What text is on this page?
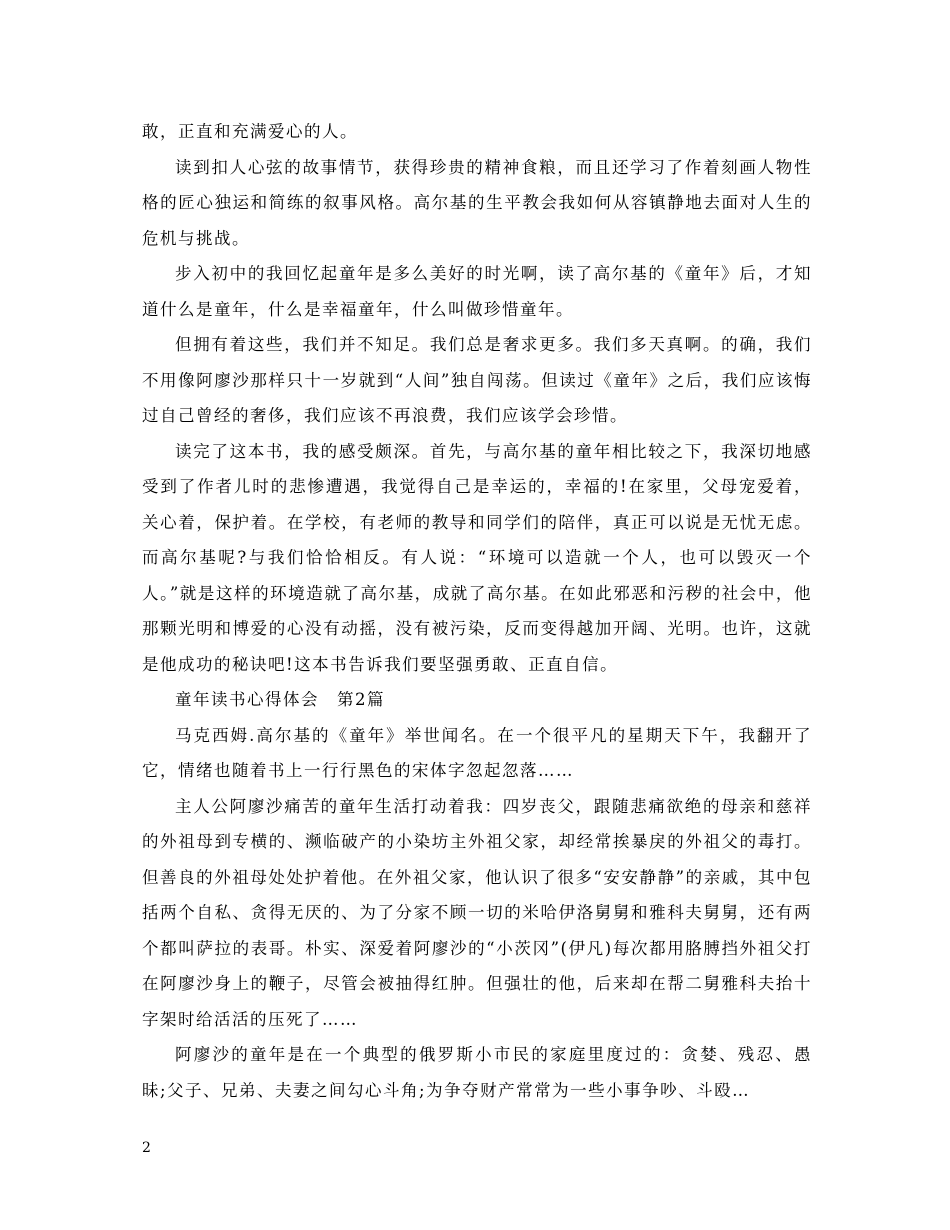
敢，正直和充满爱心的人。

读到扣人心弦的故事情节，获得珍贵的精神食粮，而且还学习了作着刻画人物性格的匠心独运和简练的叙事风格。高尔基的生平教会我如何从容镇静地去面对人生的危机与挑战。

步入初中的我回忆起童年是多么美好的时光啊，读了高尔基的《童年》后，才知道什么是童年，什么是幸福童年，什么叫做珍惜童年。

但拥有着这些，我们并不知足。我们总是奢求更多。我们多天真啊。的确，我们不用像阿廖沙那样只十一岁就到“人间”独自闯荡。但读过《童年》之后，我们应该悔过自己曾经的奢侈，我们应该不再浪费，我们应该学会珍惜。

读完了这本书，我的感受颇深。首先，与高尔基的童年相比较之下，我深切地感受到了作者儿时的悲惨遭遇，我觉得自己是幸运的，幸福的!在家里，父母宠爱着，关心着，保护着。在学校，有老师的教导和同学们的陪伴，真正可以说是无忧无虑。而高尔基呢?与我们恰恰相反。有人说：“环境可以造就一个人，也可以毁灭一个人。”就是这样的环境造就了高尔基，成就了高尔基。在如此邪恶和污秽的社会中，他那颗光明和博爱的心没有动摇，没有被污染，反而变得越加开阔、光明。也许，这就是他成功的秘诀吧!这本书告诉我们要坚强勇敢、正直自信。

童年读书心得体会　第2篇

马克西姆.高尔基的《童年》举世闻名。在一个很平凡的星期天下午，我翻开了它，情绪也随着书上一行行黑色的宋体字忽起忽落……

主人公阿廖沙痛苦的童年生活打动着我：四岁丧父，跟随悲痛欲绝的母亲和慈祥的外祖母到专横的、濒临破产的小染坊主外祖父家，却经常挨暴戾的外祖父的毒打。但善良的外祖母处处护着他。在外祖父家，他认识了很多“安安静静”的亲戚，其中包括两个自私、贪得无厌的、为了分家不顾一切的米哈伊洛舅舅和雅科夫舅舅，还有两个都叫萨拉的表哥。朴实、深爱着阿廖沙的“小茨冈”(伊凡)每次都用胳膊挡外祖父打在阿廖沙身上的鞭子，尽管会被抽得红肿。但强壮的他，后来却在帮二舅雅科夫抬十字架时给活活的压死了……

阿廖沙的童年是在一个典型的俄罗斯小市民的家庭里度过的：贪婪、残忍、愚昧;父子、兄弟、夫妻之间勾心斗角;为争夺财产常常为一些小事争吵、斗殴…

2
